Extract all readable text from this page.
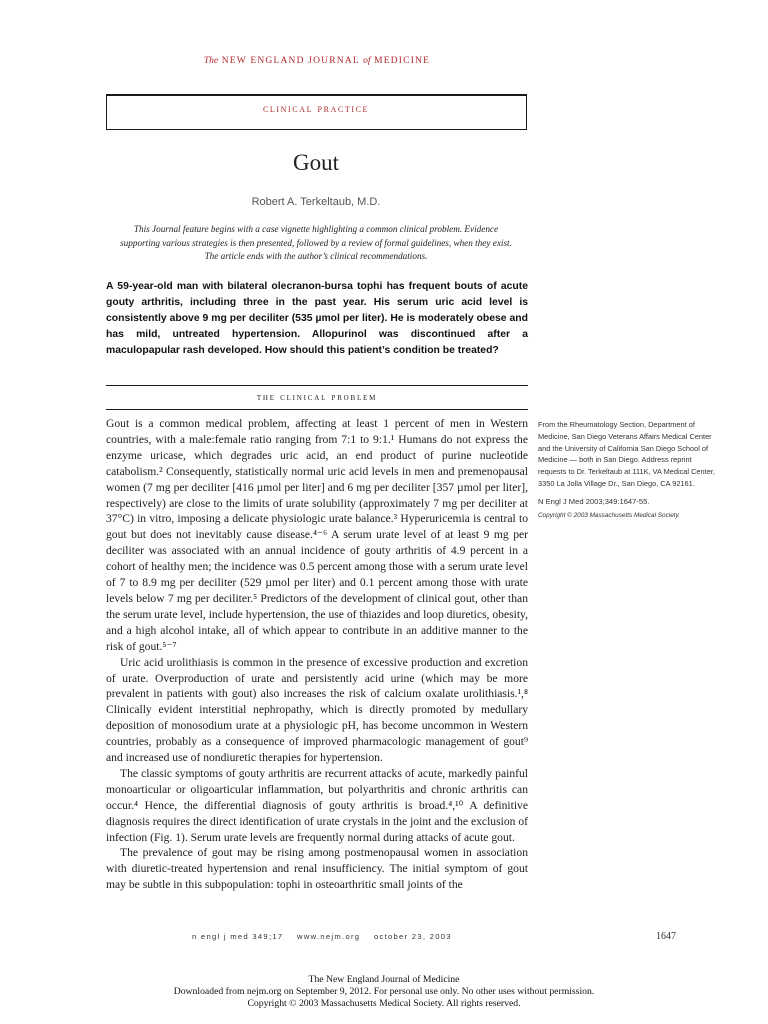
The NEW ENGLAND JOURNAL of MEDICINE
clinical practice
Gout
Robert A. Terkeltaub, M.D.
This Journal feature begins with a case vignette highlighting a common clinical problem. Evidence supporting various strategies is then presented, followed by a review of formal guidelines, when they exist. The article ends with the author’s clinical recommendations.
A 59-year-old man with bilateral olecranon-bursa tophi has frequent bouts of acute gouty arthritis, including three in the past year. His serum uric acid level is consistently above 9 mg per deciliter (535 µmol per liter). He is moderately obese and has mild, untreated hypertension. Allopurinol was discontinued after a maculopapular rash developed. How should this patient’s condition be treated?
the clinical problem

Gout is a common medical problem, affecting at least 1 percent of men in Western countries, with a male:female ratio ranging from 7:1 to 9:1.¹ Humans do not express the enzyme uricase, which degrades uric acid, an end product of purine nucleotide catabolism.² Consequently, statistically normal uric acid levels in men and premenopausal women (7 mg per deciliter [416 µmol per liter] and 6 mg per deciliter [357 µmol per liter], respectively) are close to the limits of urate solubility (approximately 7 mg per deciliter at 37°C) in vitro, imposing a delicate physiologic urate balance.³ Hyperuricemia is central to gout but does not inevitably cause disease.⁴⁻⁶ A serum urate level of at least 9 mg per deciliter was associated with an annual incidence of gouty arthritis of 4.9 percent in a cohort of healthy men; the incidence was 0.5 percent among those with a serum urate level of 7 to 8.9 mg per deciliter (529 µmol per liter) and 0.1 percent among those with urate levels below 7 mg per deciliter.⁵ Predictors of the development of clinical gout, other than the serum urate level, include hypertension, the use of thiazides and loop diuretics, obesity, and a high alcohol intake, all of which appear to contribute in an additive manner to the risk of gout.⁵⁻⁷

Uric acid urolithiasis is common in the presence of excessive production and excretion of urate. Overproduction of urate and persistently acid urine (which may be more prevalent in patients with gout) also increases the risk of calcium oxalate urolithiasis.¹,⁸ Clinically evident interstitial nephropathy, which is directly promoted by medullary deposition of monosodium urate at a physiologic pH, has become uncommon in Western countries, probably as a consequence of improved pharmacologic management of gout⁹ and increased use of nondiuretic therapies for hypertension.

The classic symptoms of gouty arthritis are recurrent attacks of acute, markedly painful monoarticular or oligoarticular inflammation, but polyarthritis and chronic arthritis can occur.⁴ Hence, the differential diagnosis of gouty arthritis is broad.⁴,¹⁰ A definitive diagnosis requires the direct identification of urate crystals in the joint and the exclusion of infection (Fig. 1). Serum urate levels are frequently normal during attacks of acute gout.

The prevalence of gout may be rising among postmenopausal women in association with diuretic-treated hypertension and renal insufficiency. The initial symptom of gout may be subtle in this subpopulation: tophi in osteoarthritic small joints of the

From the Rheumatology Section, Department of Medicine, San Diego Veterans Affairs Medical Center and the University of California San Diego School of Medicine — both in San Diego. Address reprint requests to Dr. Terkeltaub at 111K, VA Medical Center, 3350 La Jolla Village Dr., San Diego, CA 92161.
N Engl J Med 2003;349:1647-55.
Copyright © 2003 Massachusetts Medical Society.
n engl j med 349;17    www.nejm.org    october 23, 2003	1647
The New England Journal of Medicine
Downloaded from nejm.org on September 9, 2012. For personal use only. No other uses without permission.
Copyright © 2003 Massachusetts Medical Society. All rights reserved.
